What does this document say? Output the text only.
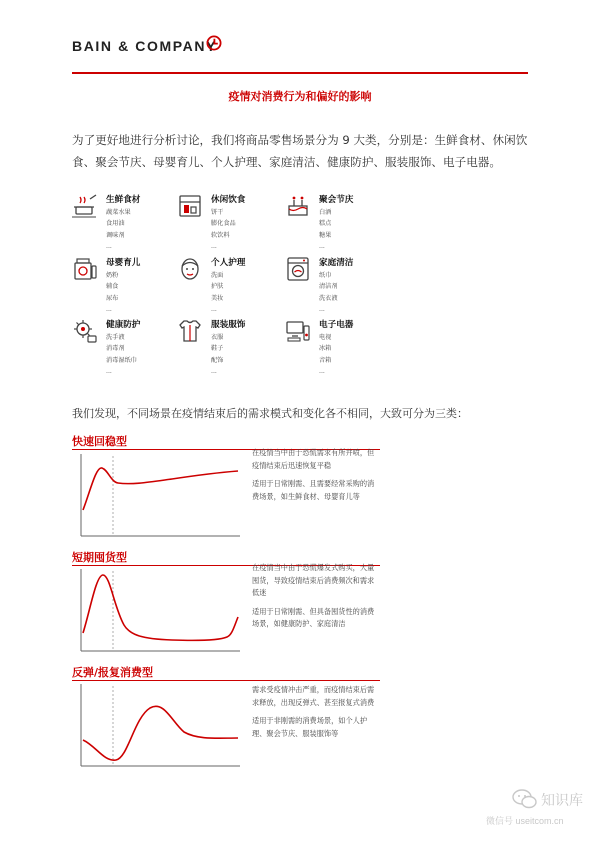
BAIN & COMPANY
疫情对消费行为和偏好的影响
为了更好地进行分析讨论，我们将商品零售场景分为 9 大类，分别是：生鲜食材、休闲饮食、聚会节庆、母婴育儿、个人护理、家庭清洁、健康防护、服装服饰、电子电器。
生鲜食材
蔬菜水果
食用油
调味剂
...
休闲饮食
饼干
膨化食品
软饮料
...
聚会节庆
白酒
糕点
糖果
...
母婴育儿
奶粉
辅食
尿布
...
个人护理
洗面
护肤
美妆
...
家庭清洁
纸巾
清洁剂
洗衣液
...
健康防护
洗手液
消毒剂
消毒湿纸巾
...
服装服饰
衣服
鞋子
配饰
...
电子电器
电视
冰箱
音箱
...
我们发现，不同场景在疫情结束后的需求模式和变化各不相同，大致可分为三类：
快速回稳型

在疫情当中由于恐慌需求有所井喷，但疫情结束后迅速恢复平稳

适用于日常刚需、且需要经常采购的消费场景，如生鲜食材、母婴育儿等

短期囤货型

在疫情当中由于恐慌爆发式购买，大量囤货，导致疫情结束后消费频次和需求低迷

适用于日常刚需、但具备囤货性的消费场景，如健康防护、家庭清洁

反弹/报复消费型

需求受疫情冲击严重，而疫情结束后需求释放，出现反弹式、甚至报复式消费

适用于非刚需的消费场景，如个人护理、聚会节庆、服装服饰等

知识库
微信号 useitcom.cn
